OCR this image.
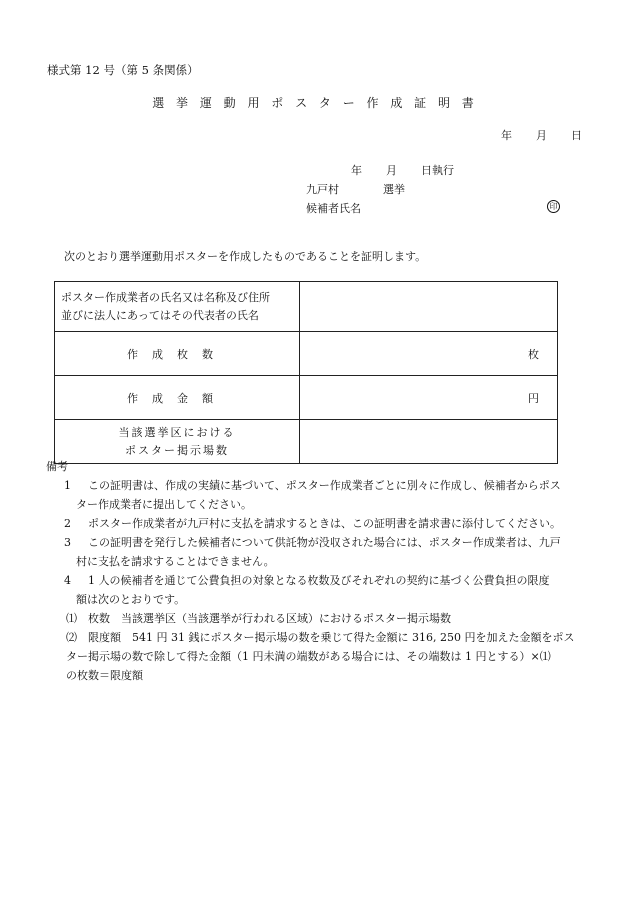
様式第 12 号（第 5 条関係）
選 挙 運 動 用 ポ ス タ ー 作 成 証 明 書
年 月 日
年 月 日執行
九戸村	選挙
候補者氏名	印
次のとおり選挙運動用ポスターを作成したものであることを証明します。
ポスター作成業者の氏名又は名称及び住所
並びに法人にあってはその代表者の氏名	
作成枚数	枚
作成金額	円
当該選挙区における
ポスター掲示場数	
備考
1 この証明書は、作成の実績に基づいて、ポスター作成業者ごとに別々に作成し、候補者からポス
ター作成業者に提出してください。
2 ポスター作成業者が九戸村に支払を請求するときは、この証明書を請求書に添付してください。
3 この証明書を発行した候補者について供託物が没収された場合には、ポスター作成業者は、九戸
村に支払を請求することはできません。
4 1 人の候補者を通じて公費負担の対象となる枚数及びそれぞれの契約に基づく公費負担の限度
額は次のとおりです。
⑴　枚数　当該選挙区（当該選挙が行われる区域）におけるポスター掲示場数
⑵　限度額　541 円 31 銭にポスター掲示場の数を乗じて得た金額に 316, 250 円を加えた金額をポス
ター掲示場の数で除して得た金額（1 円未満の端数がある場合には、その端数は 1 円とする）×⑴
の枚数＝限度額
